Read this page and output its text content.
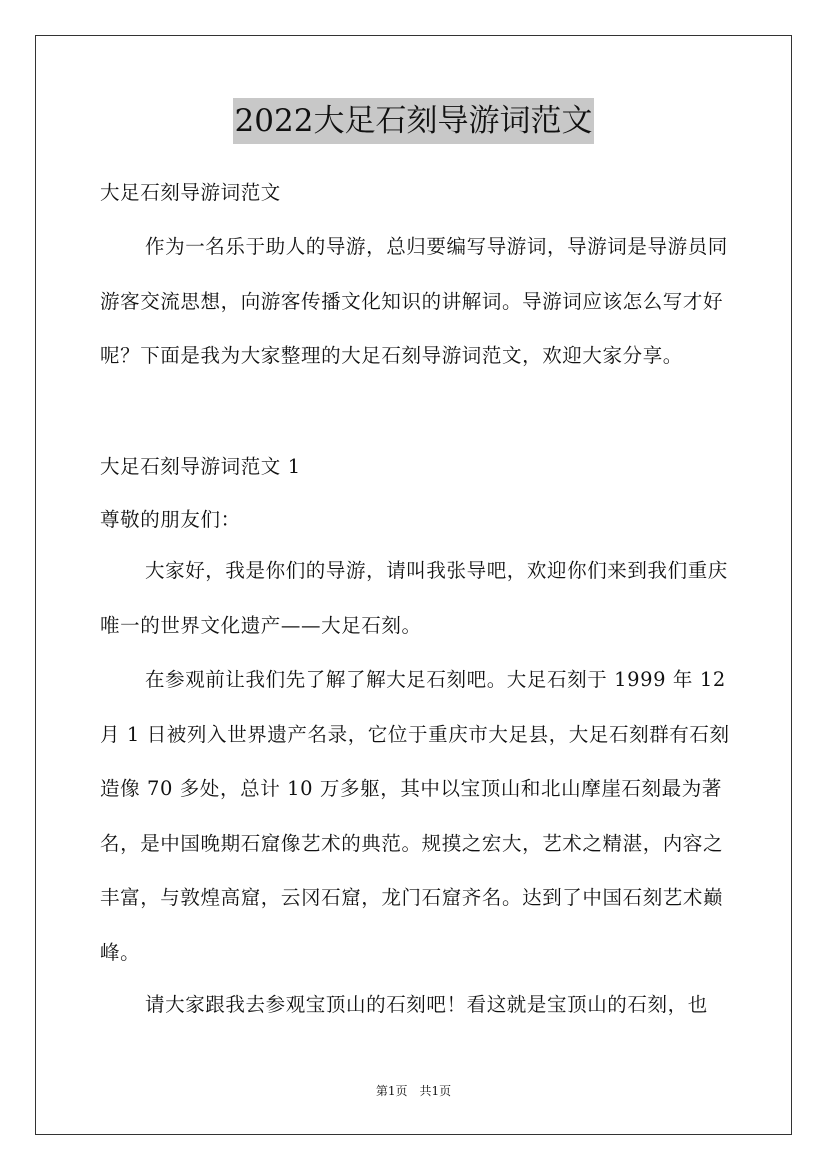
2022大足石刻导游词范文

大足石刻导游词范文

作为一名乐于助人的导游，总归要编写导游词，导游词是导游员同游客交流思想，向游客传播文化知识的讲解词。导游词应该怎么写才好呢？下面是我为大家整理的大足石刻导游词范文，欢迎大家分享。

大足石刻导游词范文 1

尊敬的朋友们：

大家好，我是你们的导游，请叫我张导吧，欢迎你们来到我们重庆唯一的世界文化遗产——大足石刻。

在参观前让我们先了解了解大足石刻吧。大足石刻于 1999 年 12 月 1 日被列入世界遗产名录，它位于重庆市大足县，大足石刻群有石刻造像 70 多处，总计 10 万多躯，其中以宝顶山和北山摩崖石刻最为著名，是中国晚期石窟像艺术的典范。规摸之宏大，艺术之精湛，内容之丰富，与敦煌高窟，云冈石窟，龙门石窟齐名。达到了中国石刻艺术巅峰。

请大家跟我去参观宝顶山的石刻吧！看这就是宝顶山的石刻，也

第1页　共1页
